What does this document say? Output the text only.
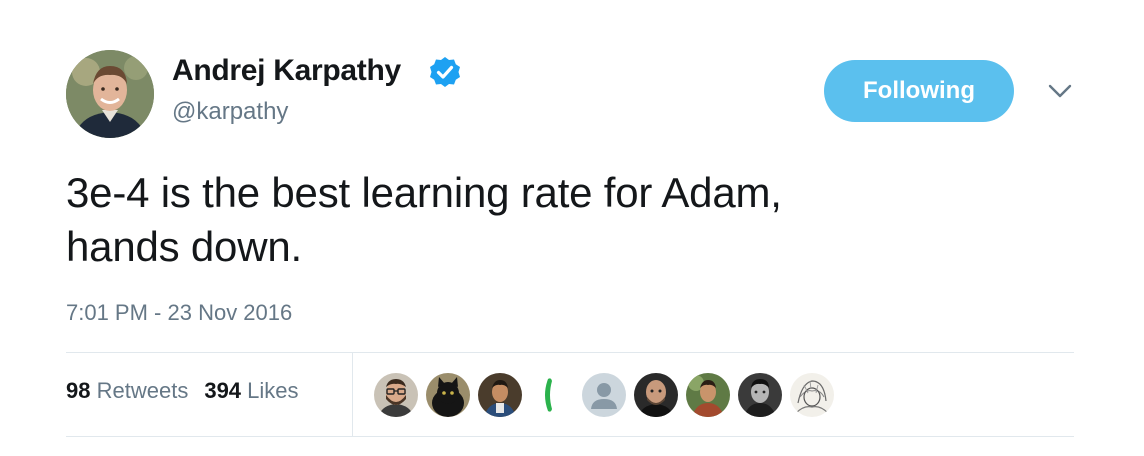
Andrej Karpathy
@karpathy
Following
3e-4 is the best learning rate for Adam,
hands down.
7:01 PM - 23 Nov 2016
98 Retweets 394 Likes
